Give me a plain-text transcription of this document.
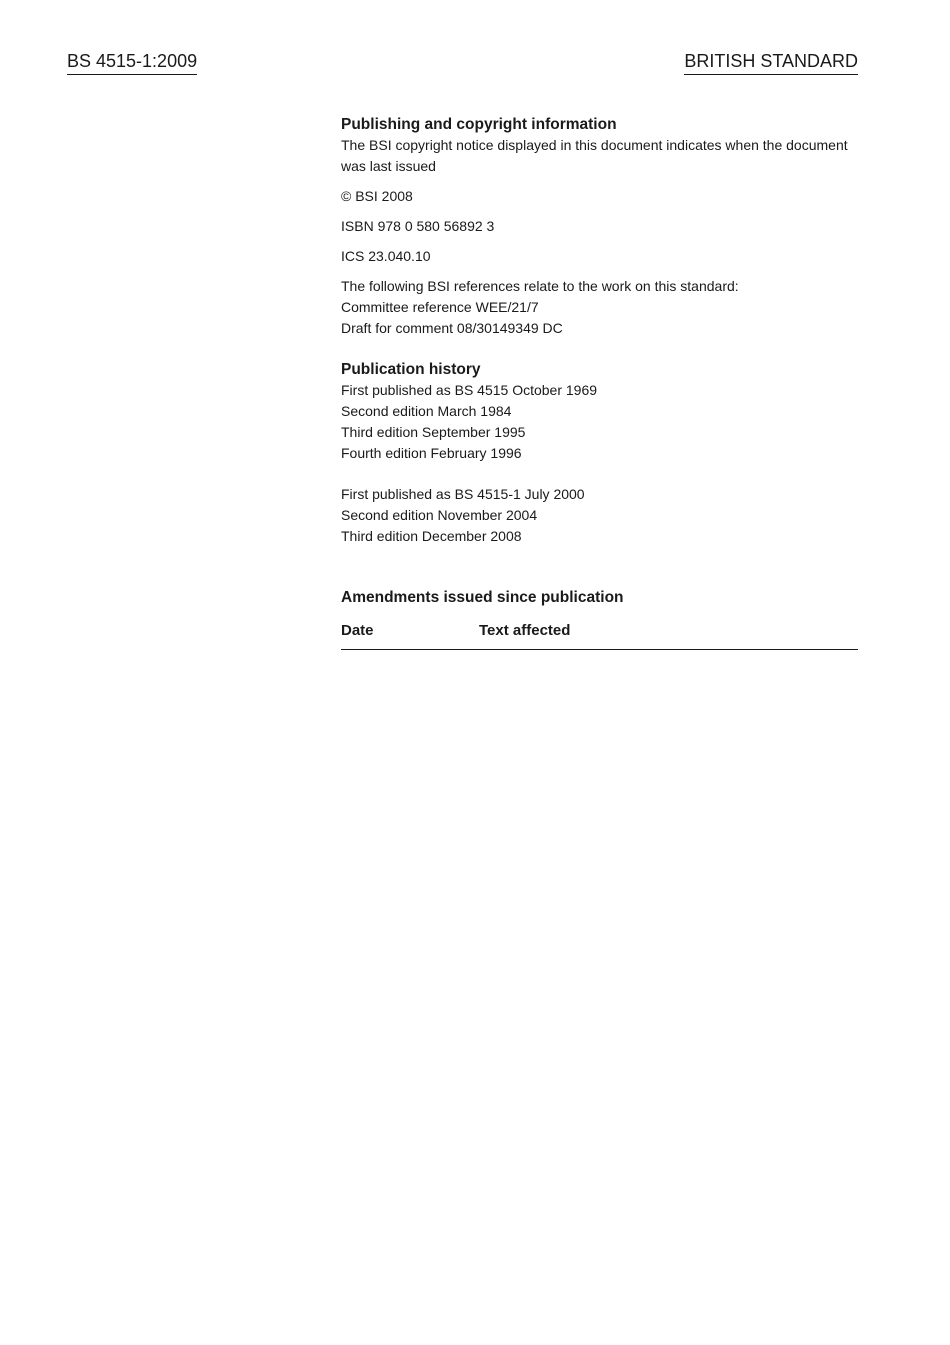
BS 4515-1:2009	BRITISH STANDARD
Publishing and copyright information

The BSI copyright notice displayed in this document indicates when the document was last issued

© BSI 2008

ISBN 978 0 580 56892 3

ICS 23.040.10

The following BSI references relate to the work on this standard:
Committee reference WEE/21/7
Draft for comment 08/30149349 DC
Publication history
First published as BS 4515 October 1969
Second edition March 1984
Third edition September 1995
Fourth edition February 1996
First published as BS 4515-1 July 2000
Second edition November 2004
Third edition December 2008
Amendments issued since publication
Date	Text affected
